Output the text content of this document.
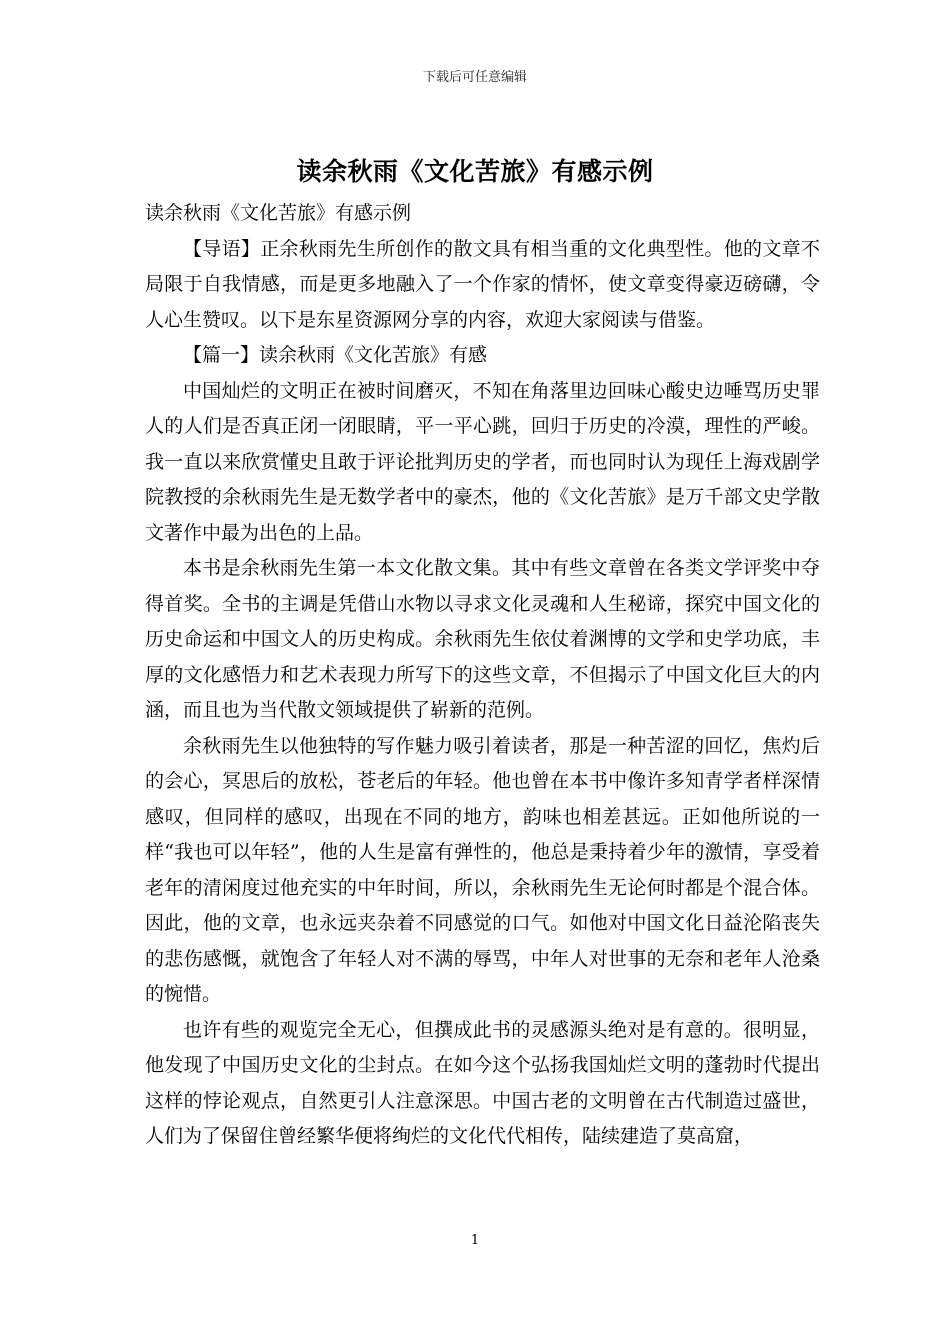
下载后可任意编辑
读余秋雨《文化苦旅》有感示例

读余秋雨《文化苦旅》有感示例

【导语】正余秋雨先生所创作的散文具有相当重的文化典型性。他的文章不局限于自我情感，而是更多地融入了一个作家的情怀，使文章变得豪迈磅礴，令人心生赞叹。以下是东星资源网分享的内容，欢迎大家阅读与借鉴。

【篇一】读余秋雨《文化苦旅》有感

中国灿烂的文明正在被时间磨灭，不知在角落里边回味心酸史边唾骂历史罪人的人们是否真正闭一闭眼睛，平一平心跳，回归于历史的冷漠，理性的严峻。我一直以来欣赏懂史且敢于评论批判历史的学者，而也同时认为现任上海戏剧学院教授的余秋雨先生是无数学者中的豪杰，他的《文化苦旅》是万千部文史学散文著作中最为出色的上品。

本书是余秋雨先生第一本文化散文集。其中有些文章曾在各类文学评奖中夺得首奖。全书的主调是凭借山水物以寻求文化灵魂和人生秘谛，探究中国文化的历史命运和中国文人的历史构成。余秋雨先生依仗着渊博的文学和史学功底，丰厚的文化感悟力和艺术表现力所写下的这些文章，不但揭示了中国文化巨大的内涵，而且也为当代散文领域提供了崭新的范例。

余秋雨先生以他独特的写作魅力吸引着读者，那是一种苦涩的回忆，焦灼后的会心，冥思后的放松，苍老后的年轻。他也曾在本书中像许多知青学者样深情感叹，但同样的感叹，出现在不同的地方，韵味也相差甚远。正如他所说的一样“我也可以年轻”，他的人生是富有弹性的，他总是秉持着少年的激情，享受着老年的清闲度过他充实的中年时间，所以，余秋雨先生无论何时都是个混合体。因此，他的文章，也永远夹杂着不同感觉的口气。如他对中国文化日益沦陷丧失的悲伤感慨，就饱含了年轻人对不满的辱骂，中年人对世事的无奈和老年人沧桑的惋惜。

也许有些的观览完全无心，但撰成此书的灵感源头绝对是有意的。很明显，他发现了中国历史文化的尘封点。在如今这个弘扬我国灿烂文明的蓬勃时代提出这样的悖论观点，自然更引人注意深思。中国古老的文明曾在古代制造过盛世，人们为了保留住曾经繁华便将绚烂的文化代代相传，陆续建造了莫高窟，

1
